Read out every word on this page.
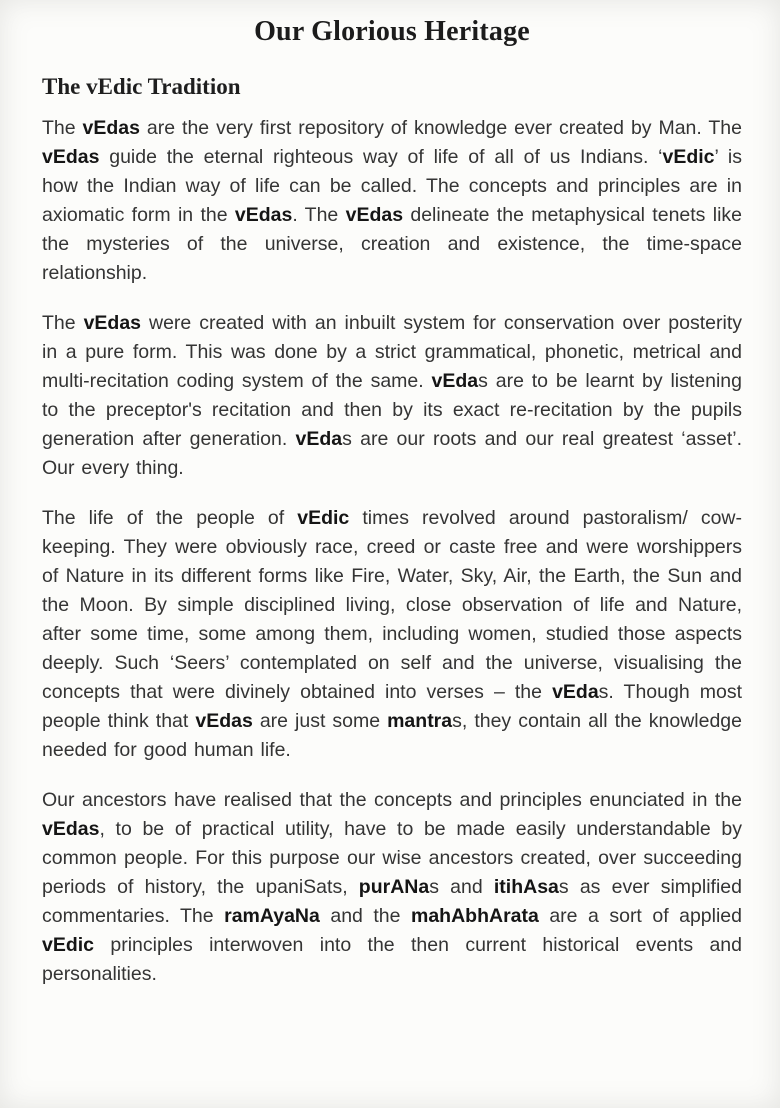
Our Glorious Heritage
The vEdic Tradition

The vEdas are the very first repository of knowledge ever created by Man. The vEdas guide the eternal righteous way of life of all of us Indians. ‘vEdic’ is how the Indian way of life can be called. The concepts and principles are in axiomatic form in the vEdas. The vEdas delineate the metaphysical tenets like the mysteries of the universe, creation and existence, the time-space relationship.

The vEdas were created with an inbuilt system for conservation over posterity in a pure form. This was done by a strict grammatical, phonetic, metrical and multi-recitation coding system of the same. vEdas are to be learnt by listening to the preceptor's recitation and then by its exact re-recitation by the pupils generation after generation. vEdas are our roots and our real greatest ‘asset’. Our every thing.

The life of the people of vEdic times revolved around pastoralism/ cow-keeping. They were obviously race, creed or caste free and were worshippers of Nature in its different forms like Fire, Water, Sky, Air, the Earth, the Sun and the Moon. By simple disciplined living, close observation of life and Nature, after some time, some among them, including women, studied those aspects deeply. Such ‘Seers’ contemplated on self and the universe, visualising the concepts that were divinely obtained into verses – the vEdas. Though most people think that vEdas are just some mantras, they contain all the knowledge needed for good human life.

Our ancestors have realised that the concepts and principles enunciated in the vEdas, to be of practical utility, have to be made easily understandable by common people. For this purpose our wise ancestors created, over succeeding periods of history, the upaniSats, purANas and itihAsas as ever simplified commentaries. The ramAyaNa and the mahAbhArata are a sort of applied vEdic principles interwoven into the then current historical events and personalities.
